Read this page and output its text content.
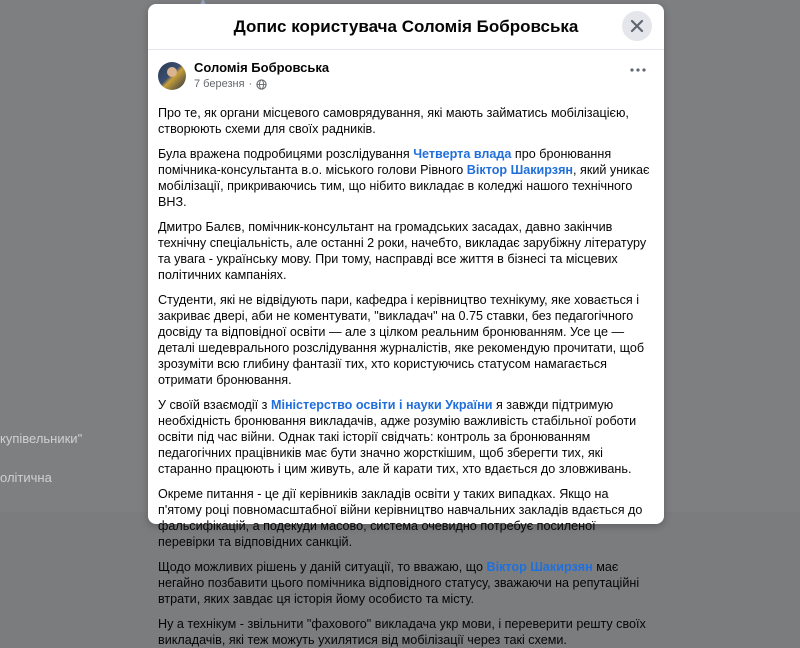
купівельники"
олітична
Допис користувача Соломія Бобровська
Соломія Бобровська
7 березня ·

Про те, як органи місцевого самоврядування, які мають займатись мобілізацією, створюють схеми для своїх радників.

Була вражена подробицями розслідування Четверта влада про бронювання помічника-консультанта в.о. міського голови Рівного Віктор Шакирзян, який уникає мобілізації, прикриваючись тим, що нібито викладає в коледжі нашого технічного ВНЗ.

Дмитро Балєв, помічник-консультант на громадських засадах, давно закінчив технічну спеціальність, але останні 2 роки, начебто, викладає зарубіжну літературу та увага - українську мову. При тому, насправді все життя в бізнесі та місцевих політичних кампаніях.

Студенти, які не відвідують пари, кафедра і керівництво технікуму, яке ховається і закриває двері, аби не коментувати, "викладач" на 0.75 ставки, без педагогічного досвіду та відповідної освіти — але з цілком реальним бронюванням. Усе це — деталі шедеврального розслідування журналістів, яке рекомендую прочитати, щоб зрозуміти всю глибину фантазії тих, хто користуючись статусом намагається отримати бронювання.

У своїй взаємодії з Міністерство освіти і науки України я завжди підтримую необхідність бронювання викладачів, адже розумію важливість стабільної роботи освіти під час війни. Однак такі історії свідчать: контроль за бронюванням педагогічних працівників має бути значно жорсткішим, щоб зберегти тих, які старанно працюють і цим живуть, але й карати тих, хто вдається до зловживань.

Окреме питання - це дії керівників закладів освіти у таких випадках. Якщо на п'ятому році повномасштабної війни керівництво навчальних закладів вдається до фальсифікацій, а подекуди масово, система очевидно потребує посиленої перевірки та відповідних санкцій.

Щодо можливих рішень у даній ситуації, то вважаю, що Віктор Шакирзян має негайно позбавити цього помічника відповідного статусу, зважаючи на репутаційні втрати, яких завдає ця історія йому особисто та місту.

Ну а технікум - звільнити "фахового" викладача укр мови, і переверити решту своїх викладачів, які теж можуть ухилятися від мобілізації через такі схеми.
